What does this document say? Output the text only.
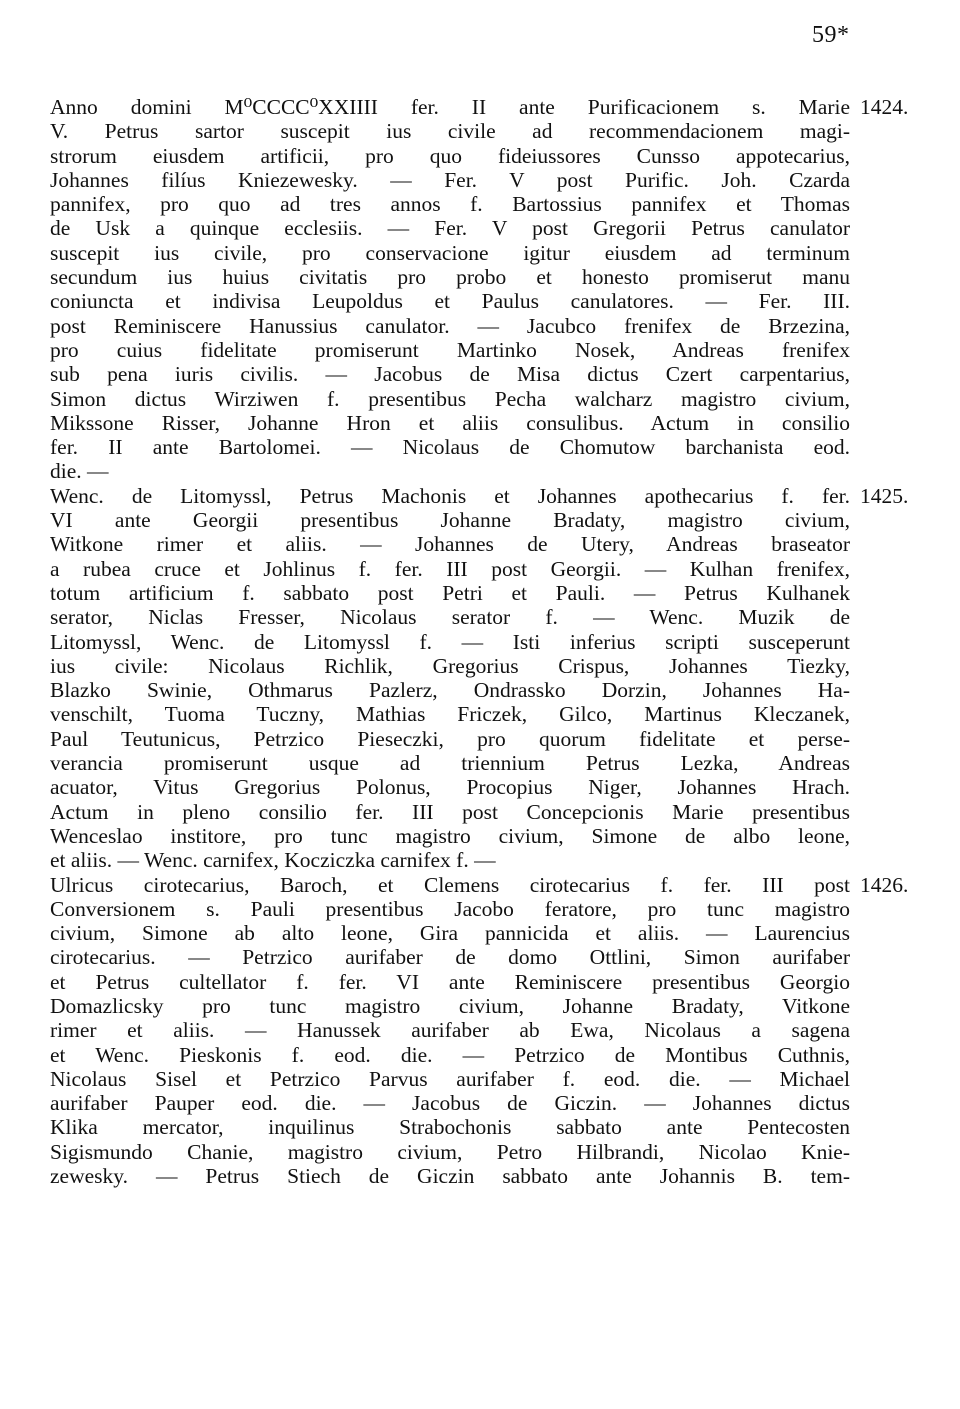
59*
Anno domini M⁰CCCC⁰XXIIII fer. II ante Purificacionem s. Marie
V. Petrus sartor suscepit ius civile ad recommendacionem magi-
strorum eiusdem artificii, pro quo fideiussores Cunsso appotecarius,
Johannes filíus Kniezewesky. — Fer. V post Purific. Joh. Czarda
pannifex, pro quo ad tres annos f. Bartossius pannifex et Thomas
de Usk a quinque ecclesiis. — Fer. V post Gregorii Petrus canulator
suscepit ius civile, pro conservacione igitur eiusdem ad terminum
secundum ius huius civitatis pro probo et honesto promiserut manu
coniuncta et indivisa Leupoldus et Paulus canulatores. — Fer. III.
post Reminiscere Hanussius canulator. — Jacubco frenifex de Brzezina,
pro cuius fidelitate promiserunt Martinko Nosek, Andreas frenifex
sub pena iuris civilis. — Jacobus de Misa dictus Czert carpentarius,
Simon dictus Wirziwen f. presentibus Pecha walcharz magistro civium,
Mikssone Risser, Johanne Hron et aliis consulibus. Actum in consilio
fer. II ante Bartolomei. — Nicolaus de Chomutow barchanista eod.
die. —
Wenc. de Litomyssl, Petrus Machonis et Johannes apothecarius f. fer.
VI ante Georgii presentibus Johanne Bradaty, magistro civium,
Witkone rimer et aliis. — Johannes de Utery, Andreas braseator
a rubea cruce et Johlinus f. fer. III post Georgii. — Kulhan frenifex,
totum artificium f. sabbato post Petri et Pauli. — Petrus Kulhanek
serator, Niclas Fresser, Nicolaus serator f. — Wenc. Muzik de
Litomyssl, Wenc. de Litomyssl f. — Isti inferius scripti susceperunt
ius civile: Nicolaus Richlik, Gregorius Crispus, Johannes Tiezky,
Blazko Swinie, Othmarus Pazlerz, Ondrassko Dorzin, Johannes Ha-
venschilt, Tuoma Tuczny, Mathias Friczek, Gilco, Martinus Kleczanek,
Paul Teutunicus, Petrzico Pieseczki, pro quorum fidelitate et perse-
verancia promiserunt usque ad triennium Petrus Lezka, Andreas
acuator, Vitus Gregorius Polonus, Procopius Niger, Johannes Hrach.
Actum in pleno consilio fer. III post Concepcionis Marie presentibus
Wenceslao institore, pro tunc magistro civium, Simone de albo leone,
et aliis. — Wenc. carnifex, Kocziczka carnifex f. —
Ulricus cirotecarius, Baroch, et Clemens cirotecarius f. fer. III post
Conversionem s. Pauli presentibus Jacobo feratore, pro tunc magistro
civium, Simone ab alto leone, Gira pannicida et aliis. — Laurencius
cirotecarius. — Petrzico aurifaber de domo Ottlini, Simon aurifaber
et Petrus cultellator f. fer. VI ante Reminiscere presentibus Georgio
Domazlicsky pro tunc magistro civium, Johanne Bradaty, Vitkone
rimer et aliis. — Hanussek aurifaber ab Ewa, Nicolaus a sagena
et Wenc. Pieskonis f. eod. die. — Petrzico de Montibus Cuthnis,
Nicolaus Sisel et Petrzico Parvus aurifaber f. eod. die. — Michael
aurifaber Pauper eod. die. — Jacobus de Giczin. — Johannes dictus
Klika mercator, inquilinus Strabochonis sabbato ante Pentecosten
Sigismundo Chanie, magistro civium, Petro Hilbrandi, Nicolao Knie-
zewesky. — Petrus Stiech de Giczin sabbato ante Johannis B. tem-
1424.
1425.
1426.
